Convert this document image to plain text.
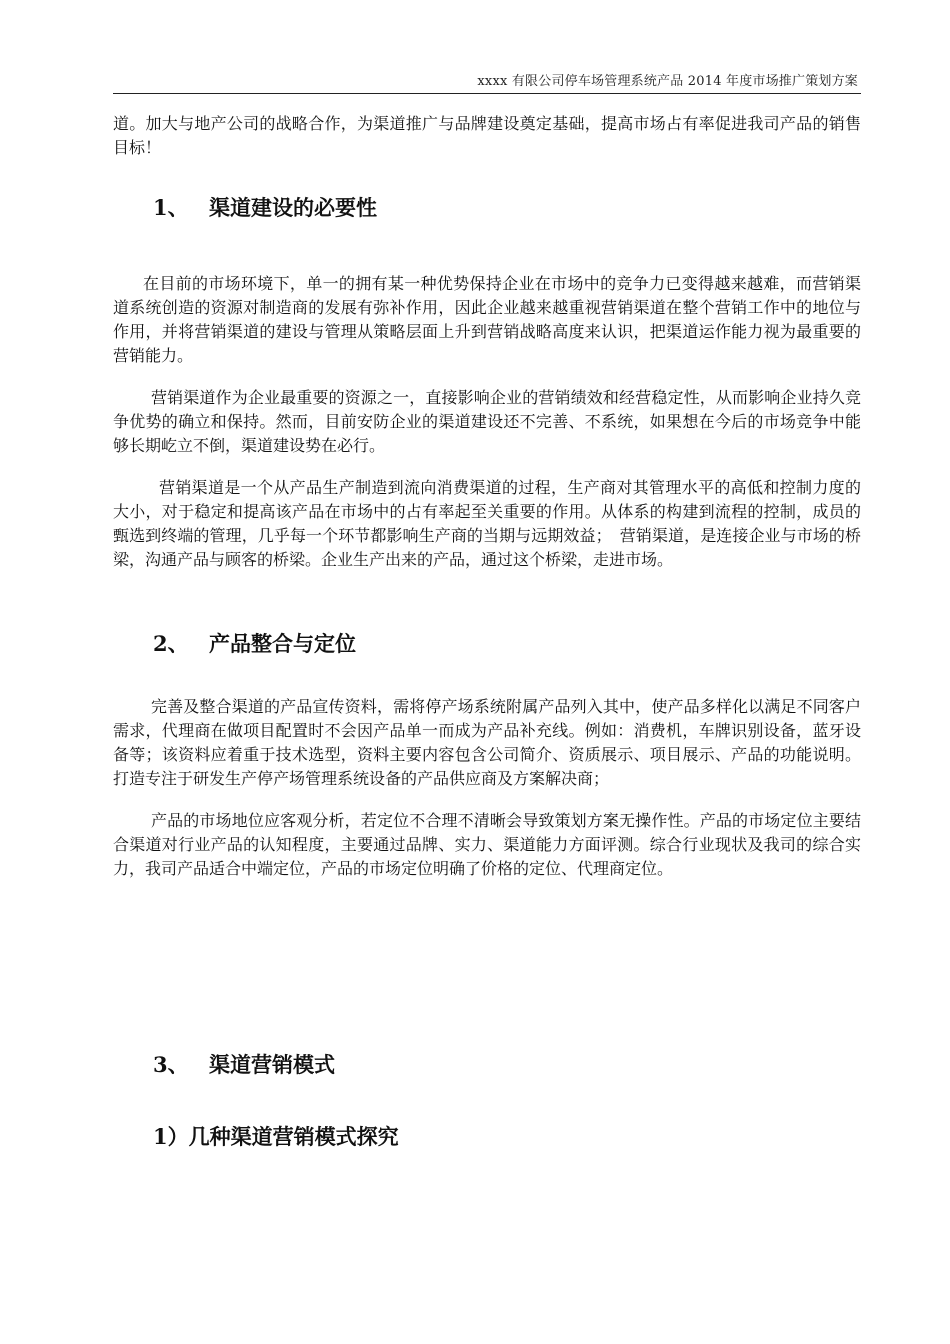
xxxx 有限公司停车场管理系统产品 2014 年度市场推广策划方案

道。加大与地产公司的战略合作，为渠道推广与品牌建设奠定基础，提高市场占有率促进我司产品的销售目标！

1、 渠道建设的必要性

在目前的市场环境下，单一的拥有某一种优势保持企业在市场中的竞争力已变得越来越难，而营销渠道系统创造的资源对制造商的发展有弥补作用，因此企业越来越重视营销渠道在整个营销工作中的地位与作用，并将营销渠道的建设与管理从策略层面上升到营销战略高度来认识，把渠道运作能力视为最重要的营销能力。

营销渠道作为企业最重要的资源之一，直接影响企业的营销绩效和经营稳定性，从而影响企业持久竞争优势的确立和保持。然而，目前安防企业的渠道建设还不完善、不系统，如果想在今后的市场竞争中能够长期屹立不倒，渠道建设势在必行。

营销渠道是一个从产品生产制造到流向消费渠道的过程，生产商对其管理水平的高低和控制力度的大小，对于稳定和提高该产品在市场中的占有率起至关重要的作用。从体系的构建到流程的控制，成员的甄选到终端的管理，几乎每一个环节都影响生产商的当期与远期效益；　营销渠道，是连接企业与市场的桥梁，沟通产品与顾客的桥梁。企业生产出来的产品，通过这个桥梁，走进市场。

2、 产品整合与定位

完善及整合渠道的产品宣传资料，需将停产场系统附属产品列入其中，使产品多样化以满足不同客户需求，代理商在做项目配置时不会因产品单一而成为产品补充线。例如：消费机，车牌识别设备，蓝牙设备等；该资料应着重于技术选型，资料主要内容包含公司简介、资质展示、项目展示、产品的功能说明。打造专注于研发生产停产场管理系统设备的产品供应商及方案解决商；

产品的市场地位应客观分析，若定位不合理不清晰会导致策划方案无操作性。产品的市场定位主要结合渠道对行业产品的认知程度，主要通过品牌、实力、渠道能力方面评测。综合行业现状及我司的综合实力，我司产品适合中端定位，产品的市场定位明确了价格的定位、代理商定位。

3、 渠道营销模式
1）几种渠道营销模式探究
